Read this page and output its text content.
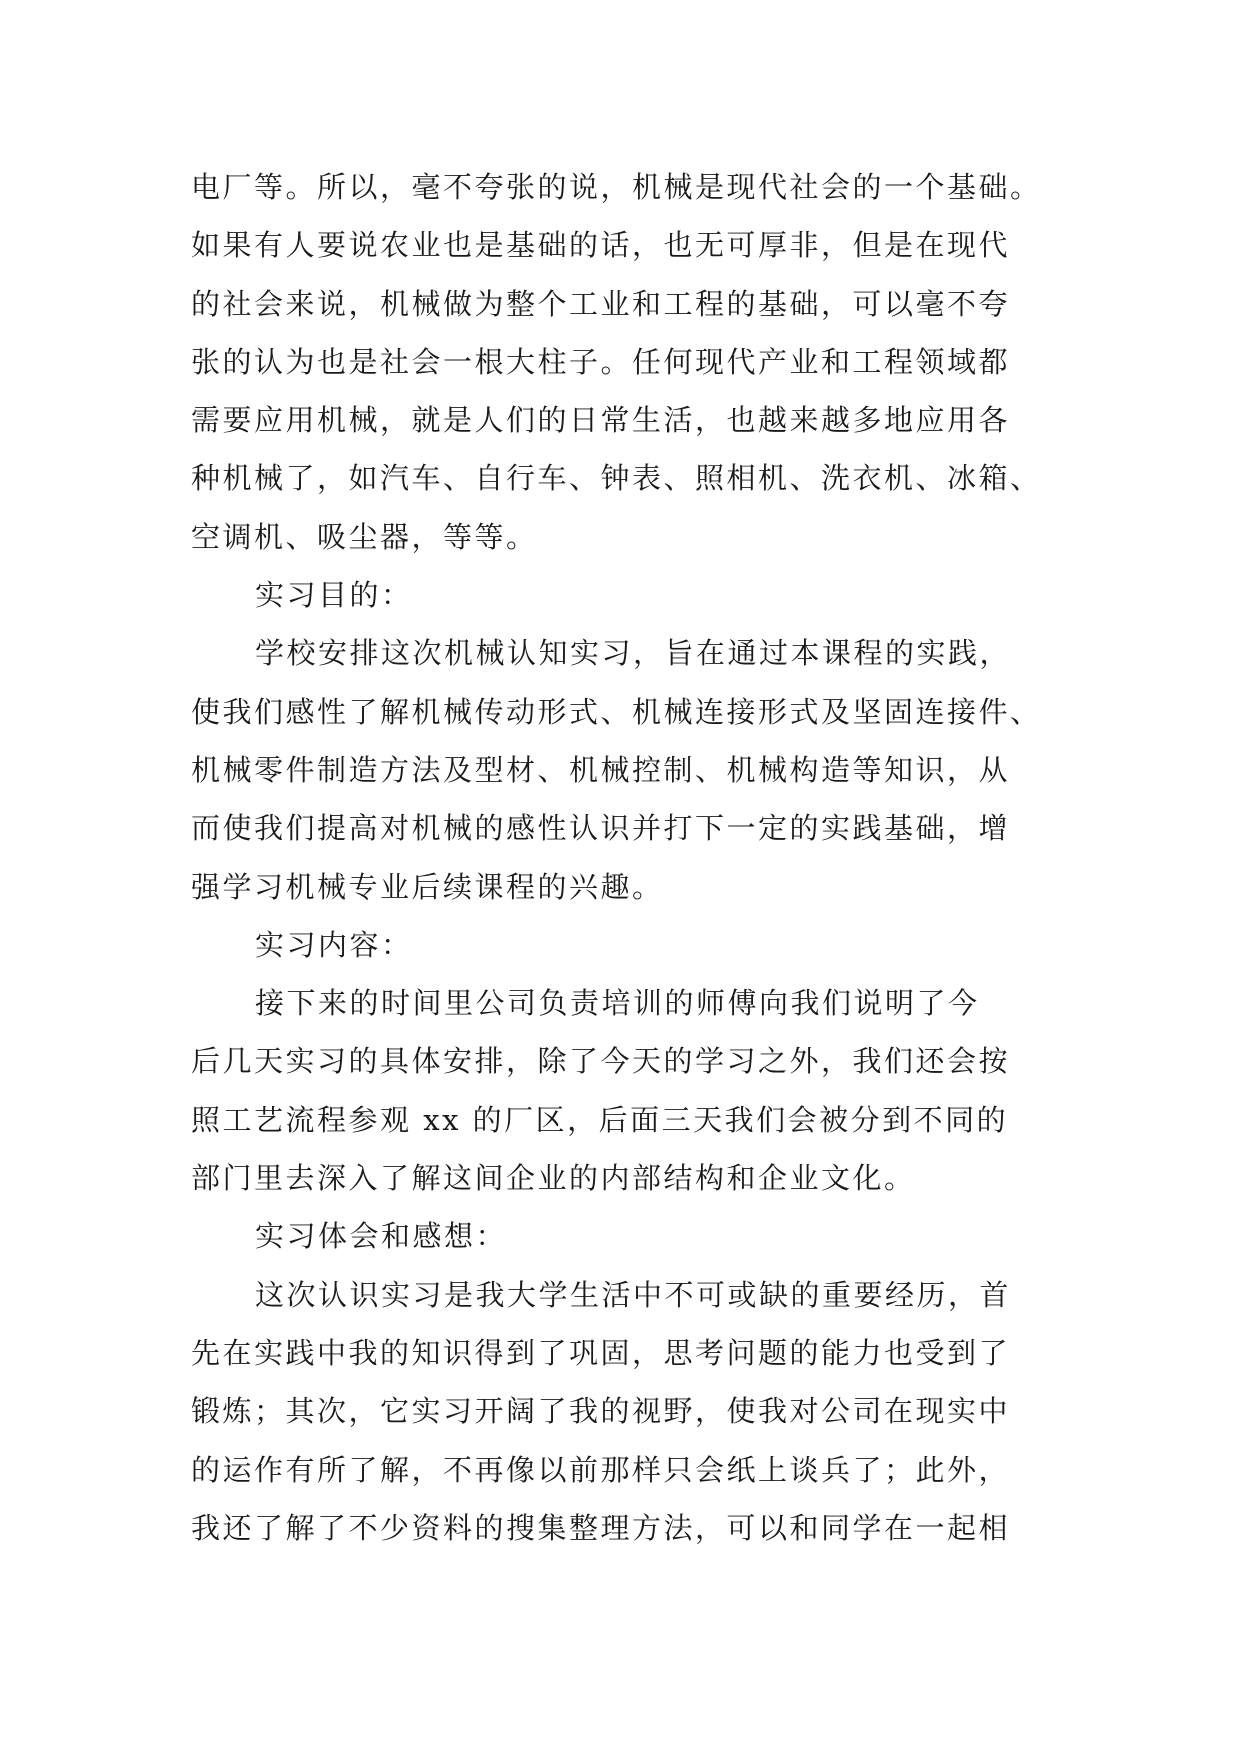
电厂等。所以，毫不夸张的说，机械是现代社会的一个基础。
如果有人要说农业也是基础的话，也无可厚非，但是在现代
的社会来说，机械做为整个工业和工程的基础，可以毫不夸
张的认为也是社会一根大柱子。任何现代产业和工程领域都
需要应用机械，就是人们的日常生活，也越来越多地应用各
种机械了，如汽车、自行车、钟表、照相机、洗衣机、冰箱、
空调机、吸尘器，等等。
实习目的：
学校安排这次机械认知实习，旨在通过本课程的实践，
使我们感性了解机械传动形式、机械连接形式及坚固连接件、
机械零件制造方法及型材、机械控制、机械构造等知识，从
而使我们提高对机械的感性认识并打下一定的实践基础，增
强学习机械专业后续课程的兴趣。
实习内容：
接下来的时间里公司负责培训的师傅向我们说明了今
后几天实习的具体安排，除了今天的学习之外，我们还会按
照工艺流程参观 xx 的厂区，后面三天我们会被分到不同的
部门里去深入了解这间企业的内部结构和企业文化。
实习体会和感想：
这次认识实习是我大学生活中不可或缺的重要经历，首
先在实践中我的知识得到了巩固，思考问题的能力也受到了
锻炼；其次，它实习开阔了我的视野，使我对公司在现实中
的运作有所了解，不再像以前那样只会纸上谈兵了；此外，
我还了解了不少资料的搜集整理方法，可以和同学在一起相
